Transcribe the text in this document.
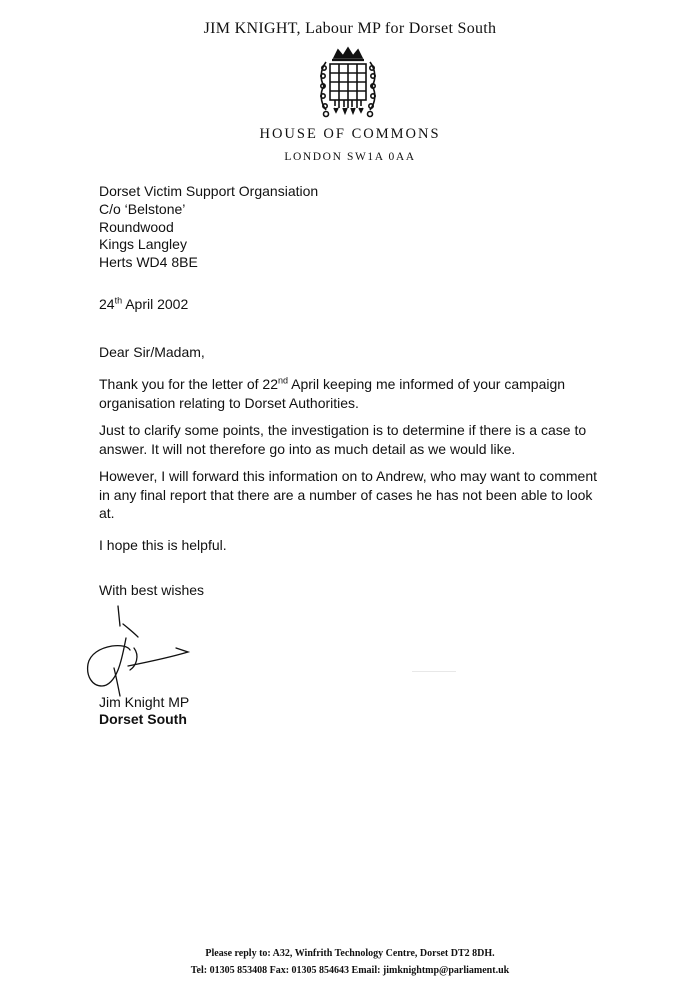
JIM KNIGHT, Labour MP for Dorset South
HOUSE OF COMMONS
LONDON SW1A 0AA
Dorset Victim Support Organsiation
C/o ‘Belstone’
Roundwood
Kings Langley
Herts WD4 8BE
24th April 2002
Dear Sir/Madam,
Thank you for the letter of 22nd April keeping me informed of your campaign organisation relating to Dorset Authorities.
Just to clarify some points, the investigation is to determine if there is a case to answer. It will not therefore go into as much detail as we would like.
However, I will forward this information on to Andrew, who may want to comment in any final report that there are a number of cases he has not been able to look at.
I hope this is helpful.
With best wishes
Jim Knight MP
Dorset South
Please reply to: A32, Winfrith Technology Centre, Dorset DT2 8DH.
Tel: 01305 853408 Fax: 01305 854643 Email: jimknightmp@parliament.uk
